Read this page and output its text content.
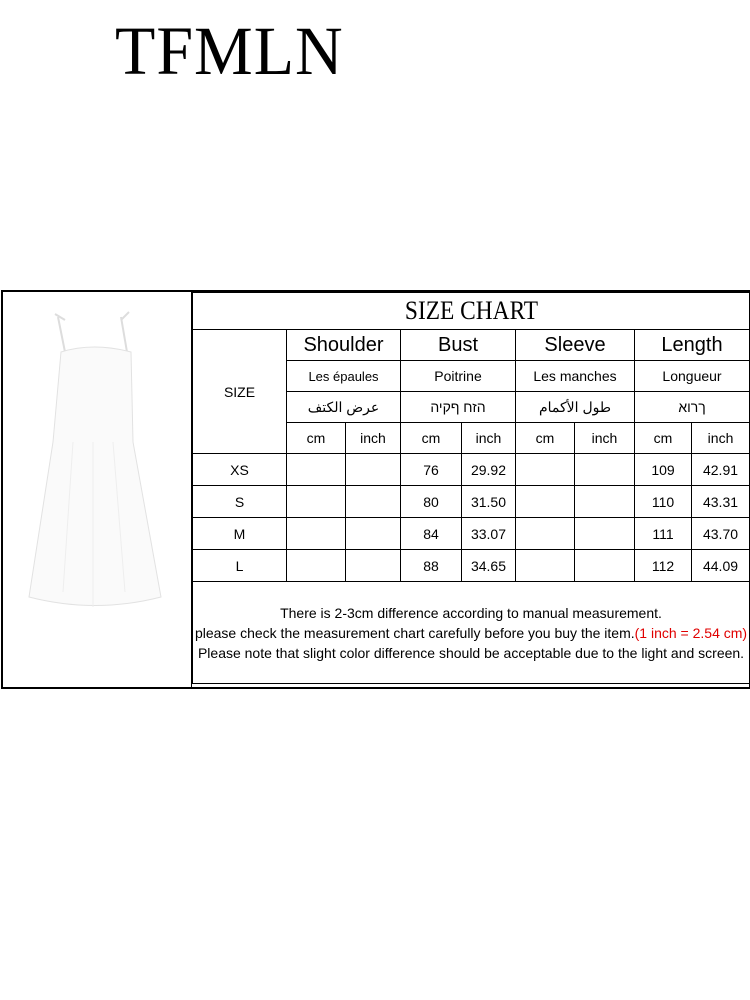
TFMLN
SIZE CHART								
SIZE	Shoulder		Bust		Sleeve		Length	
	Les épaules		Poitrine		Les manches		Longueur	
	عرض الكتف		הזח ףקיה		طول الأكمام		ךרוא	
	cm	inch	cm	inch	cm	inch	cm	inch
XS			76	29.92			109	42.91
S			80	31.50			110	43.31
M			84	33.07			111	43.70
L			88	34.65			112	44.09
There is 2-3cm difference according to manual measurement.
please check the measurement chart carefully before you buy the item.(1 inch = 2.54 cm)
Please note that slight color difference should be acceptable due to the light and screen.								
